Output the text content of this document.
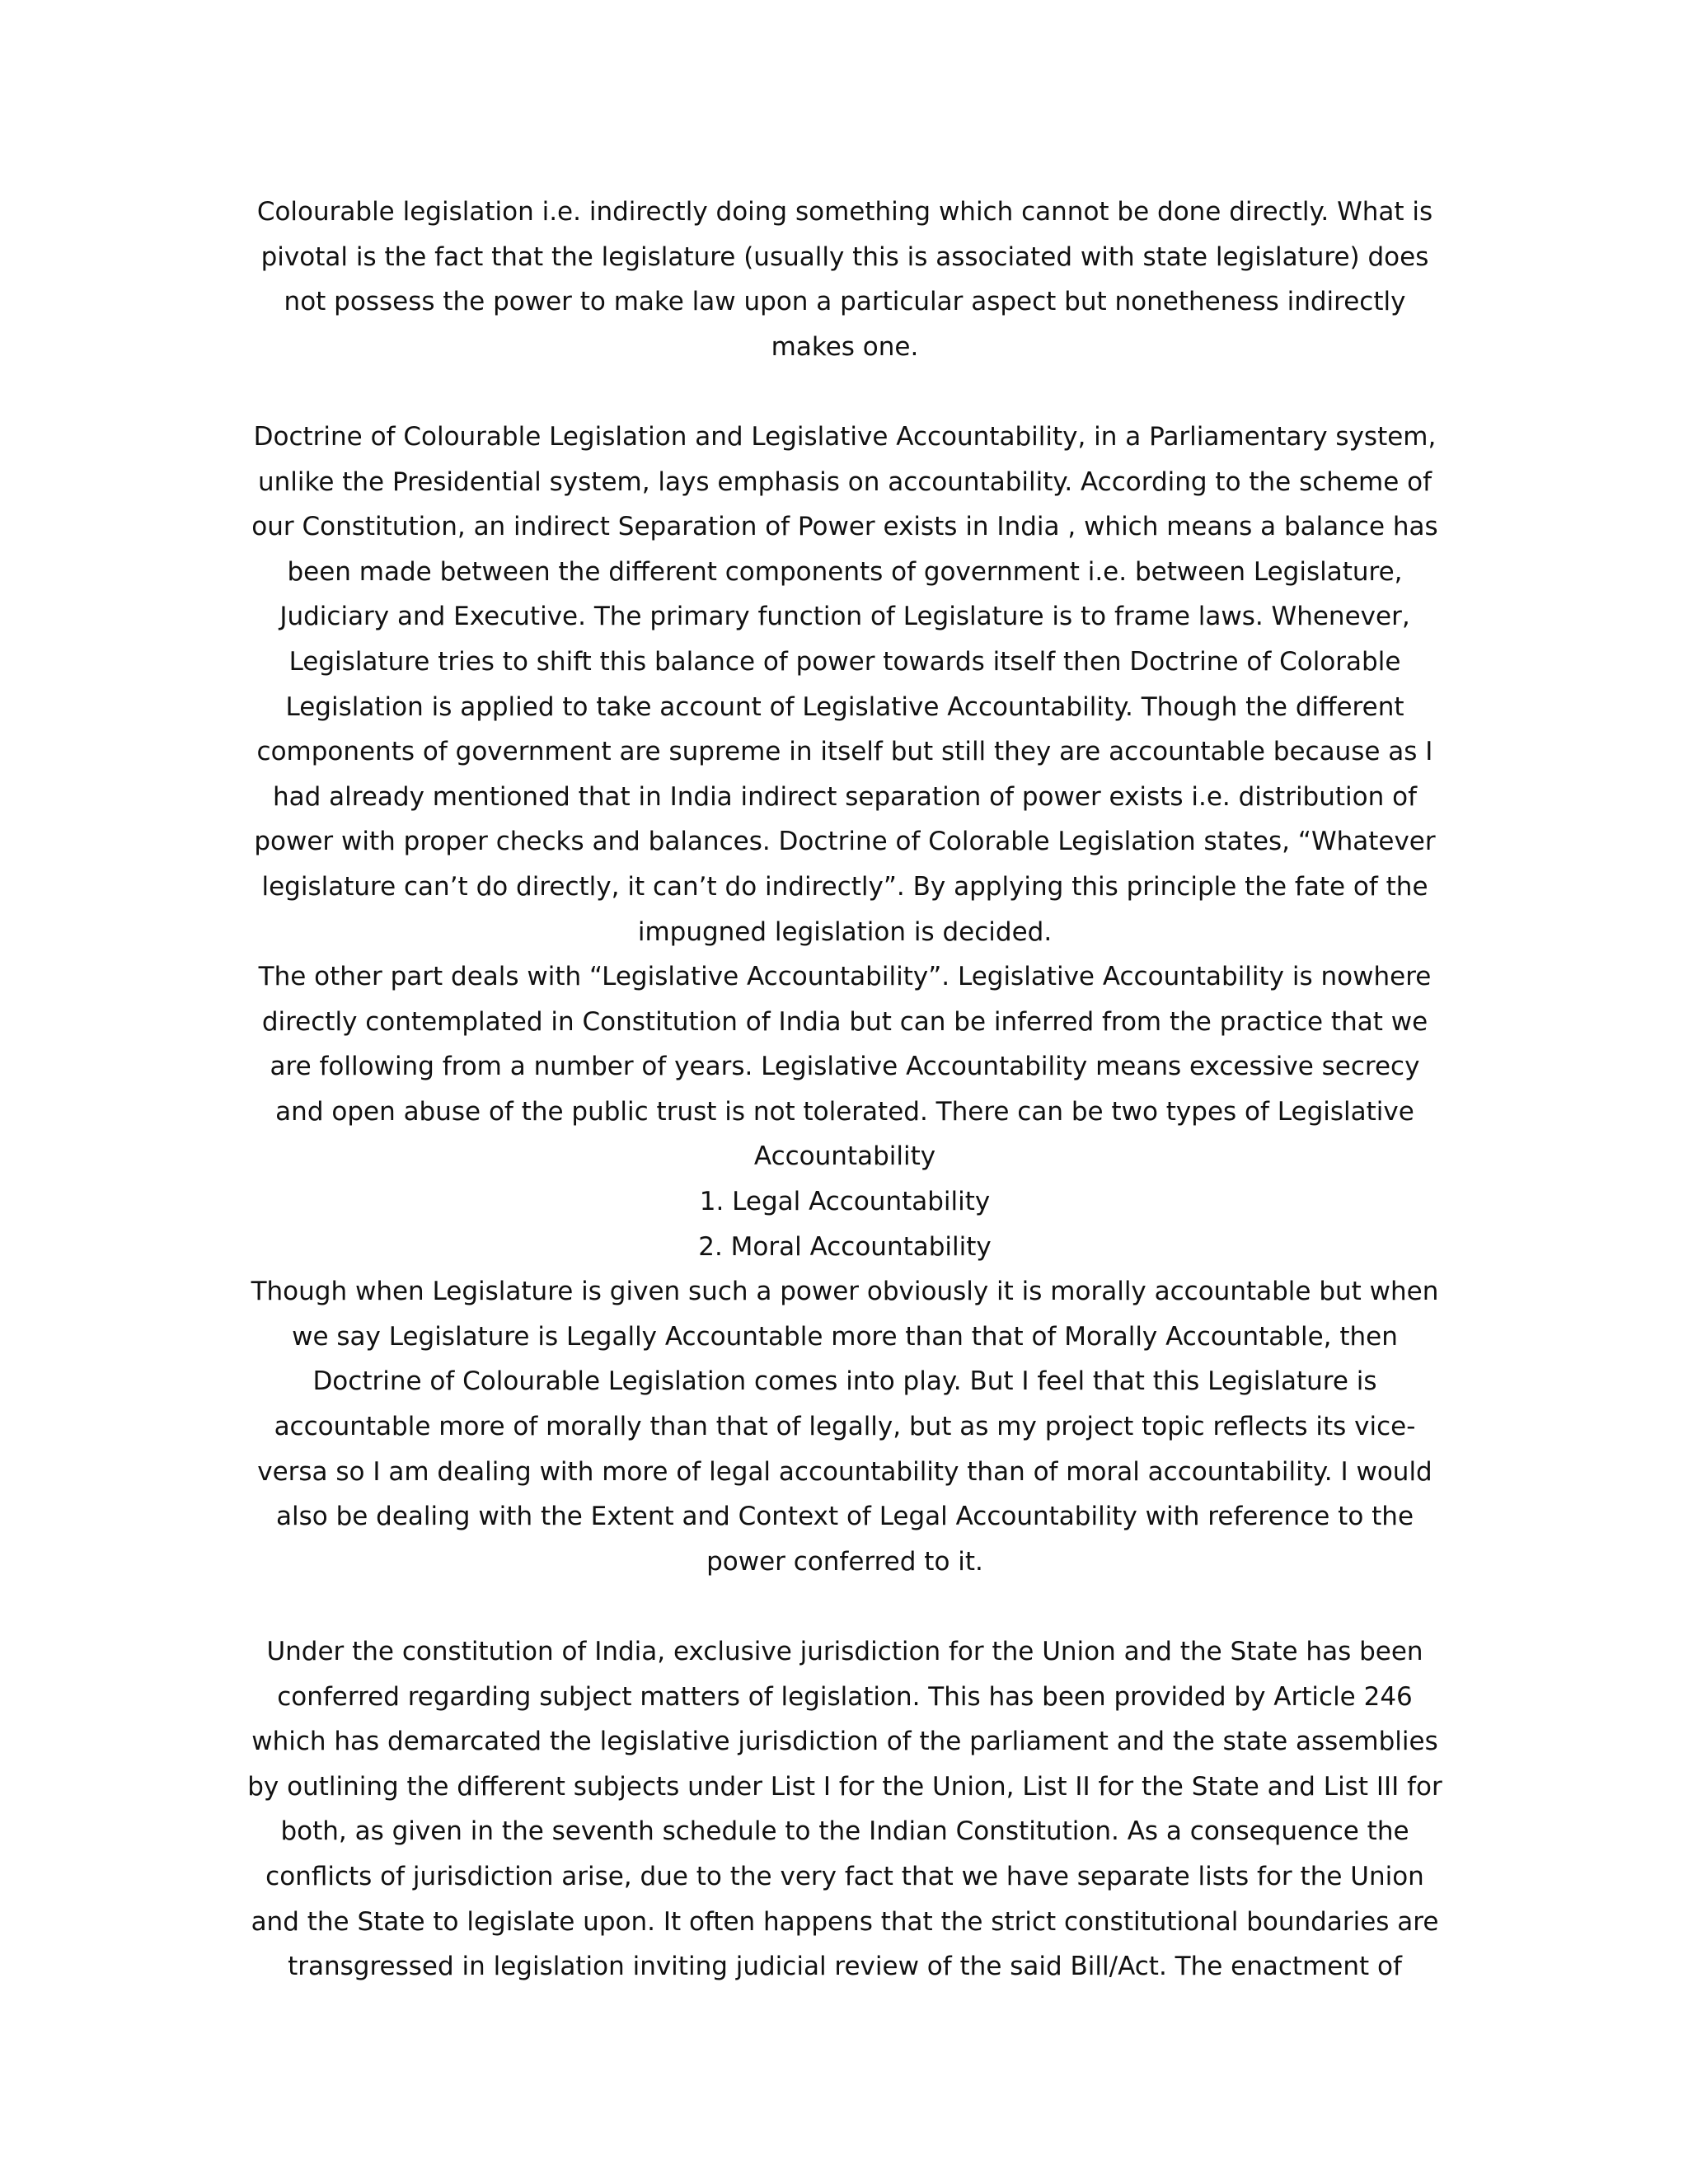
Colourable legislation i.e. indirectly doing something which cannot be done directly. What is pivotal is the fact that the legislature (usually this is associated with state legislature) does not possess the power to make law upon a particular aspect but nonetheness indirectly makes one.

Doctrine of Colourable Legislation and Legislative Accountability, in a Parliamentary system, unlike the Presidential system, lays emphasis on accountability. According to the scheme of our Constitution, an indirect Separation of Power exists in India , which means a balance has been made between the different components of government i.e. between Legislature, Judiciary and Executive. The primary function of Legislature is to frame laws. Whenever, Legislature tries to shift this balance of power towards itself then Doctrine of Colorable Legislation is applied to take account of Legislative Accountability. Though the different components of government are supreme in itself but still they are accountable because as I had already mentioned that in India indirect separation of power exists i.e. distribution of power with proper checks and balances. Doctrine of Colorable Legislation states, “Whatever legislature can’t do directly, it can’t do indirectly”. By applying this principle the fate of the impugned legislation is decided.

The other part deals with “Legislative Accountability”. Legislative Accountability is nowhere directly contemplated in Constitution of India but can be inferred from the practice that we are following from a number of years. Legislative Accountability means excessive secrecy and open abuse of the public trust is not tolerated. There can be two types of Legislative Accountability

1. Legal Accountability

2. Moral Accountability

Though when Legislature is given such a power obviously it is morally accountable but when we say Legislature is Legally Accountable more than that of Morally Accountable, then Doctrine of Colourable Legislation comes into play. But I feel that this Legislature is accountable more of morally than that of legally, but as my project topic reflects its vice-versa so I am dealing with more of legal accountability than of moral accountability. I would also be dealing with the Extent and Context of Legal Accountability with reference to the power conferred to it.

Under the constitution of India, exclusive jurisdiction for the Union and the State has been conferred regarding subject matters of legislation. This has been provided by Article 246 which has demarcated the legislative jurisdiction of the parliament and the state assemblies by outlining the different subjects under List I for the Union, List II for the State and List III for both, as given in the seventh schedule to the Indian Constitution. As a consequence the conflicts of jurisdiction arise, due to the very fact that we have separate lists for the Union and the State to legislate upon. It often happens that the strict constitutional boundaries are transgressed in legislation inviting judicial review of the said Bill/Act. The enactment of
